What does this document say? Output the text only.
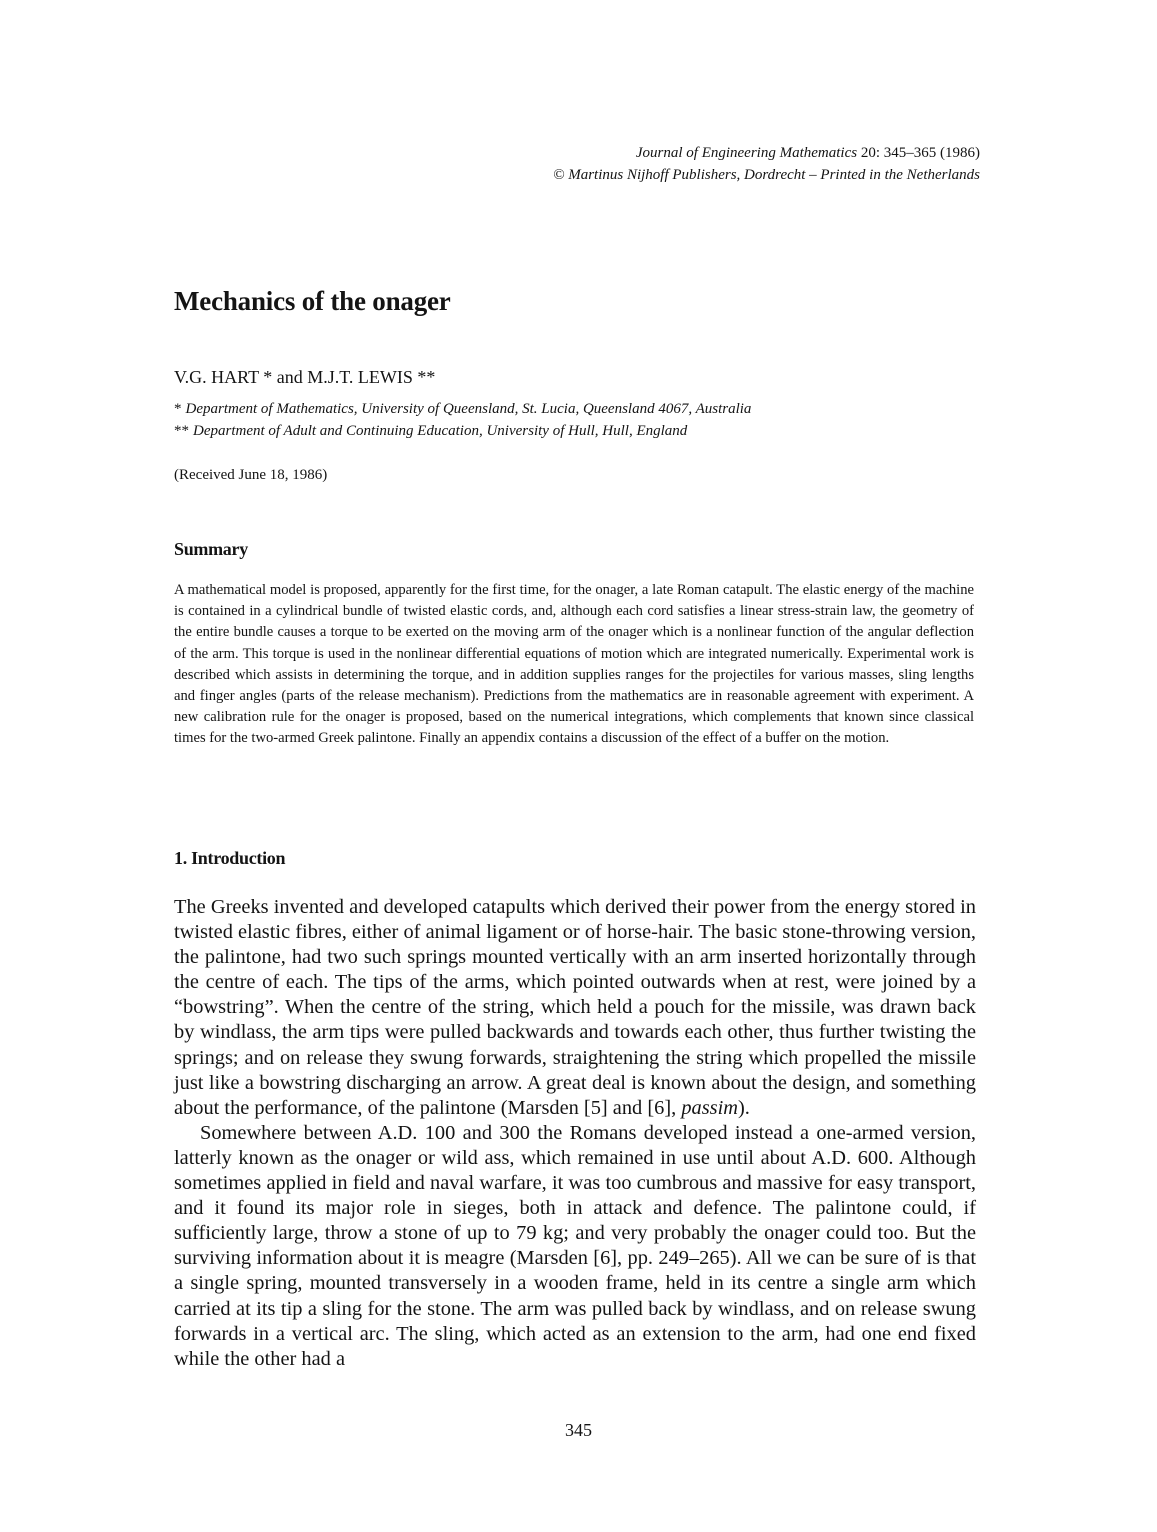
Journal of Engineering Mathematics 20: 345–365 (1986)
© Martinus Nijhoff Publishers, Dordrecht – Printed in the Netherlands
Mechanics of the onager
V.G. HART * and M.J.T. LEWIS **
* Department of Mathematics, University of Queensland, St. Lucia, Queensland 4067, Australia
** Department of Adult and Continuing Education, University of Hull, Hull, England
(Received June 18, 1986)
Summary

A mathematical model is proposed, apparently for the first time, for the onager, a late Roman catapult. The elastic energy of the machine is contained in a cylindrical bundle of twisted elastic cords, and, although each cord satisfies a linear stress-strain law, the geometry of the entire bundle causes a torque to be exerted on the moving arm of the onager which is a nonlinear function of the angular deflection of the arm. This torque is used in the nonlinear differential equations of motion which are integrated numerically. Experimental work is described which assists in determining the torque, and in addition supplies ranges for the projectiles for various masses, sling lengths and finger angles (parts of the release mechanism). Predictions from the mathematics are in reasonable agreement with experiment. A new calibration rule for the onager is proposed, based on the numerical integrations, which complements that known since classical times for the two-armed Greek palintone. Finally an appendix contains a discussion of the effect of a buffer on the motion.

1. Introduction

The Greeks invented and developed catapults which derived their power from the energy stored in twisted elastic fibres, either of animal ligament or of horse-hair. The basic stone-throwing version, the palintone, had two such springs mounted vertically with an arm inserted horizontally through the centre of each. The tips of the arms, which pointed outwards when at rest, were joined by a “bowstring”. When the centre of the string, which held a pouch for the missile, was drawn back by windlass, the arm tips were pulled backwards and towards each other, thus further twisting the springs; and on release they swung forwards, straightening the string which propelled the missile just like a bowstring discharging an arrow. A great deal is known about the design, and something about the performance, of the palintone (Marsden [5] and [6], passim).

Somewhere between A.D. 100 and 300 the Romans developed instead a one-armed version, latterly known as the onager or wild ass, which remained in use until about A.D. 600. Although sometimes applied in field and naval warfare, it was too cumbrous and massive for easy transport, and it found its major role in sieges, both in attack and defence. The palintone could, if sufficiently large, throw a stone of up to 79 kg; and very probably the onager could too. But the surviving information about it is meagre (Marsden [6], pp. 249–265). All we can be sure of is that a single spring, mounted transversely in a wooden frame, held in its centre a single arm which carried at its tip a sling for the stone. The arm was pulled back by windlass, and on release swung forwards in a vertical arc. The sling, which acted as an extension to the arm, had one end fixed while the other had a

345
